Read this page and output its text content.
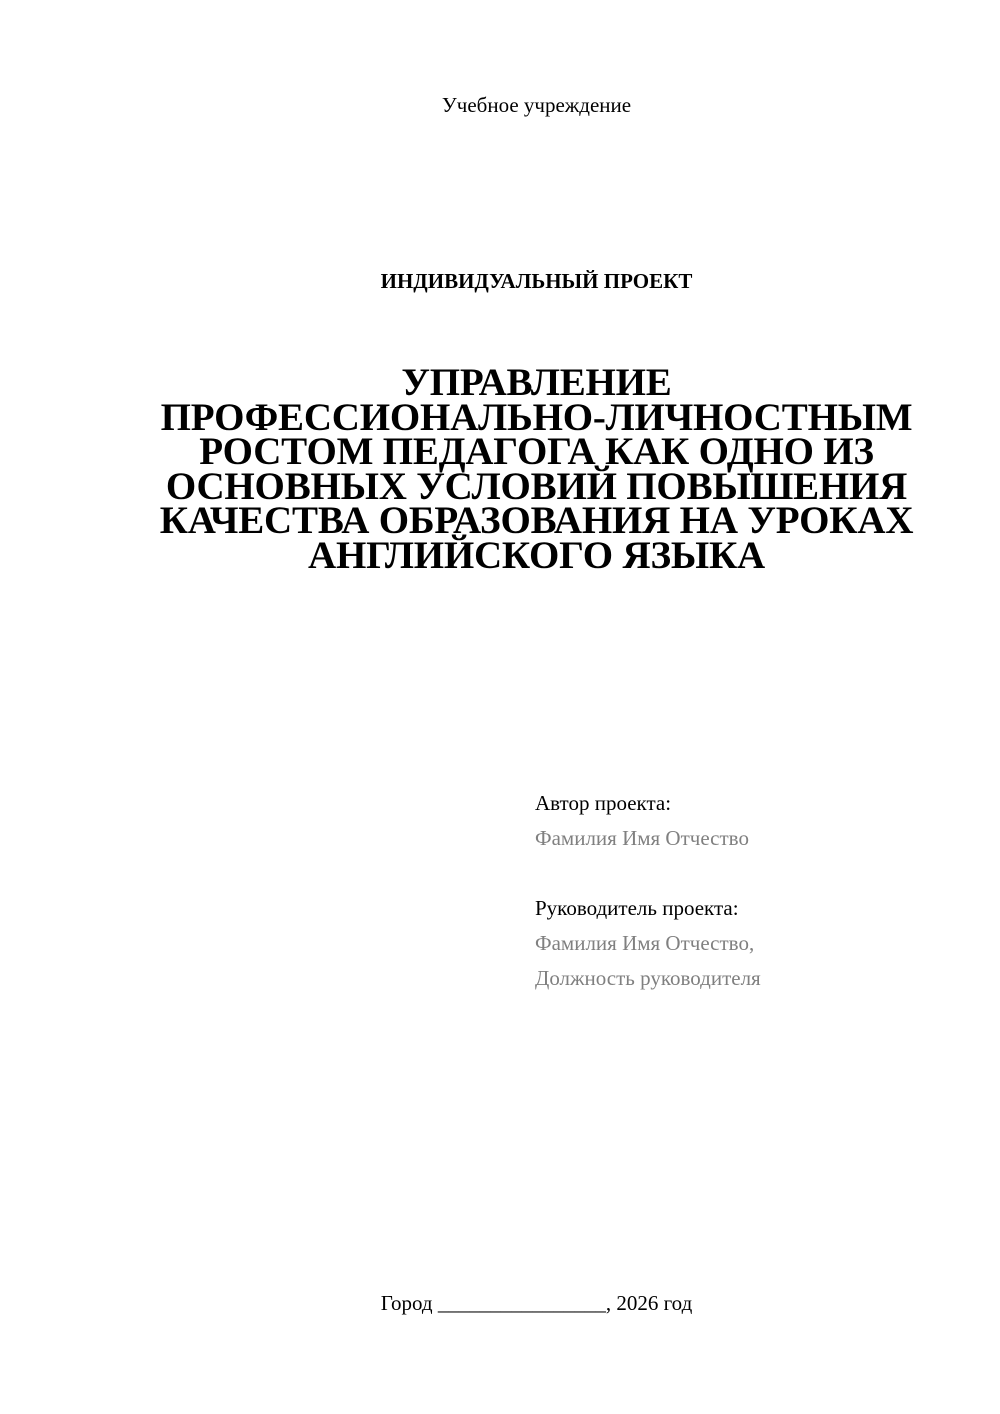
Учебное учреждение
ИНДИВИДУАЛЬНЫЙ ПРОЕКТ
УПРАВЛЕНИЕ
ПРОФЕССИОНАЛЬНО-ЛИЧНОСТНЫМ
РОСТОМ ПЕДАГОГА КАК ОДНО ИЗ
ОСНОВНЫХ УСЛОВИЙ ПОВЫШЕНИЯ
КАЧЕСТВА ОБРАЗОВАНИЯ НА УРОКАХ
АНГЛИЙСКОГО ЯЗЫКА
Автор проекта:
Фамилия Имя Отчество
Руководитель проекта:
Фамилия Имя Отчество,
Должность руководителя
Город ________________, 2026 год
